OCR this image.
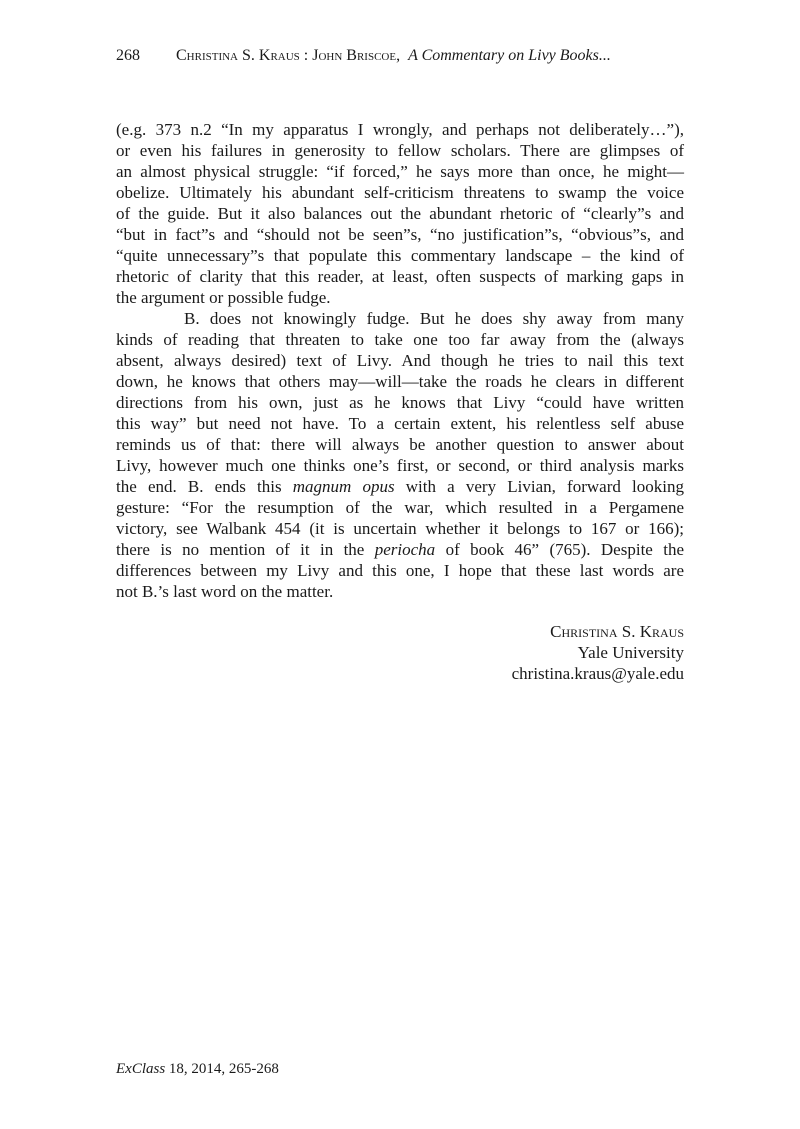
268 Christina S. Kraus : John Briscoe, A Commentary on Livy Books...
(e.g. 373 n.2 “In my apparatus I wrongly, and perhaps not deliberately…”),
or even his failures in generosity to fellow scholars. There are glimpses of
an almost physical struggle: “if forced,” he says more than once, he might—
obelize. Ultimately his abundant self-criticism threatens to swamp the voice
of the guide. But it also balances out the abundant rhetoric of “clearly”s and
“but in fact”s and “should not be seen”s, “no justification”s, “obvious”s, and
“quite unnecessary”s that populate this commentary landscape – the kind of
rhetoric of clarity that this reader, at least, often suspects of marking gaps in
the argument or possible fudge.
B. does not knowingly fudge. But he does shy away from many
kinds of reading that threaten to take one too far away from the (always
absent, always desired) text of Livy. And though he tries to nail this text
down, he knows that others may—will—take the roads he clears in different
directions from his own, just as he knows that Livy “could have written
this way” but need not have. To a certain extent, his relentless self abuse
reminds us of that: there will always be another question to answer about
Livy, however much one thinks one’s first, or second, or third analysis marks
the end. B. ends this magnum opus with a very Livian, forward looking
gesture: “For the resumption of the war, which resulted in a Pergamene
victory, see Walbank 454 (it is uncertain whether it belongs to 167 or 166);
there is no mention of it in the periocha of book 46” (765). Despite the
differences between my Livy and this one, I hope that these last words are
not B.’s last word on the matter.
Christina S. Kraus
Yale University
christina.kraus@yale.edu
ExClass 18, 2014, 265-268
